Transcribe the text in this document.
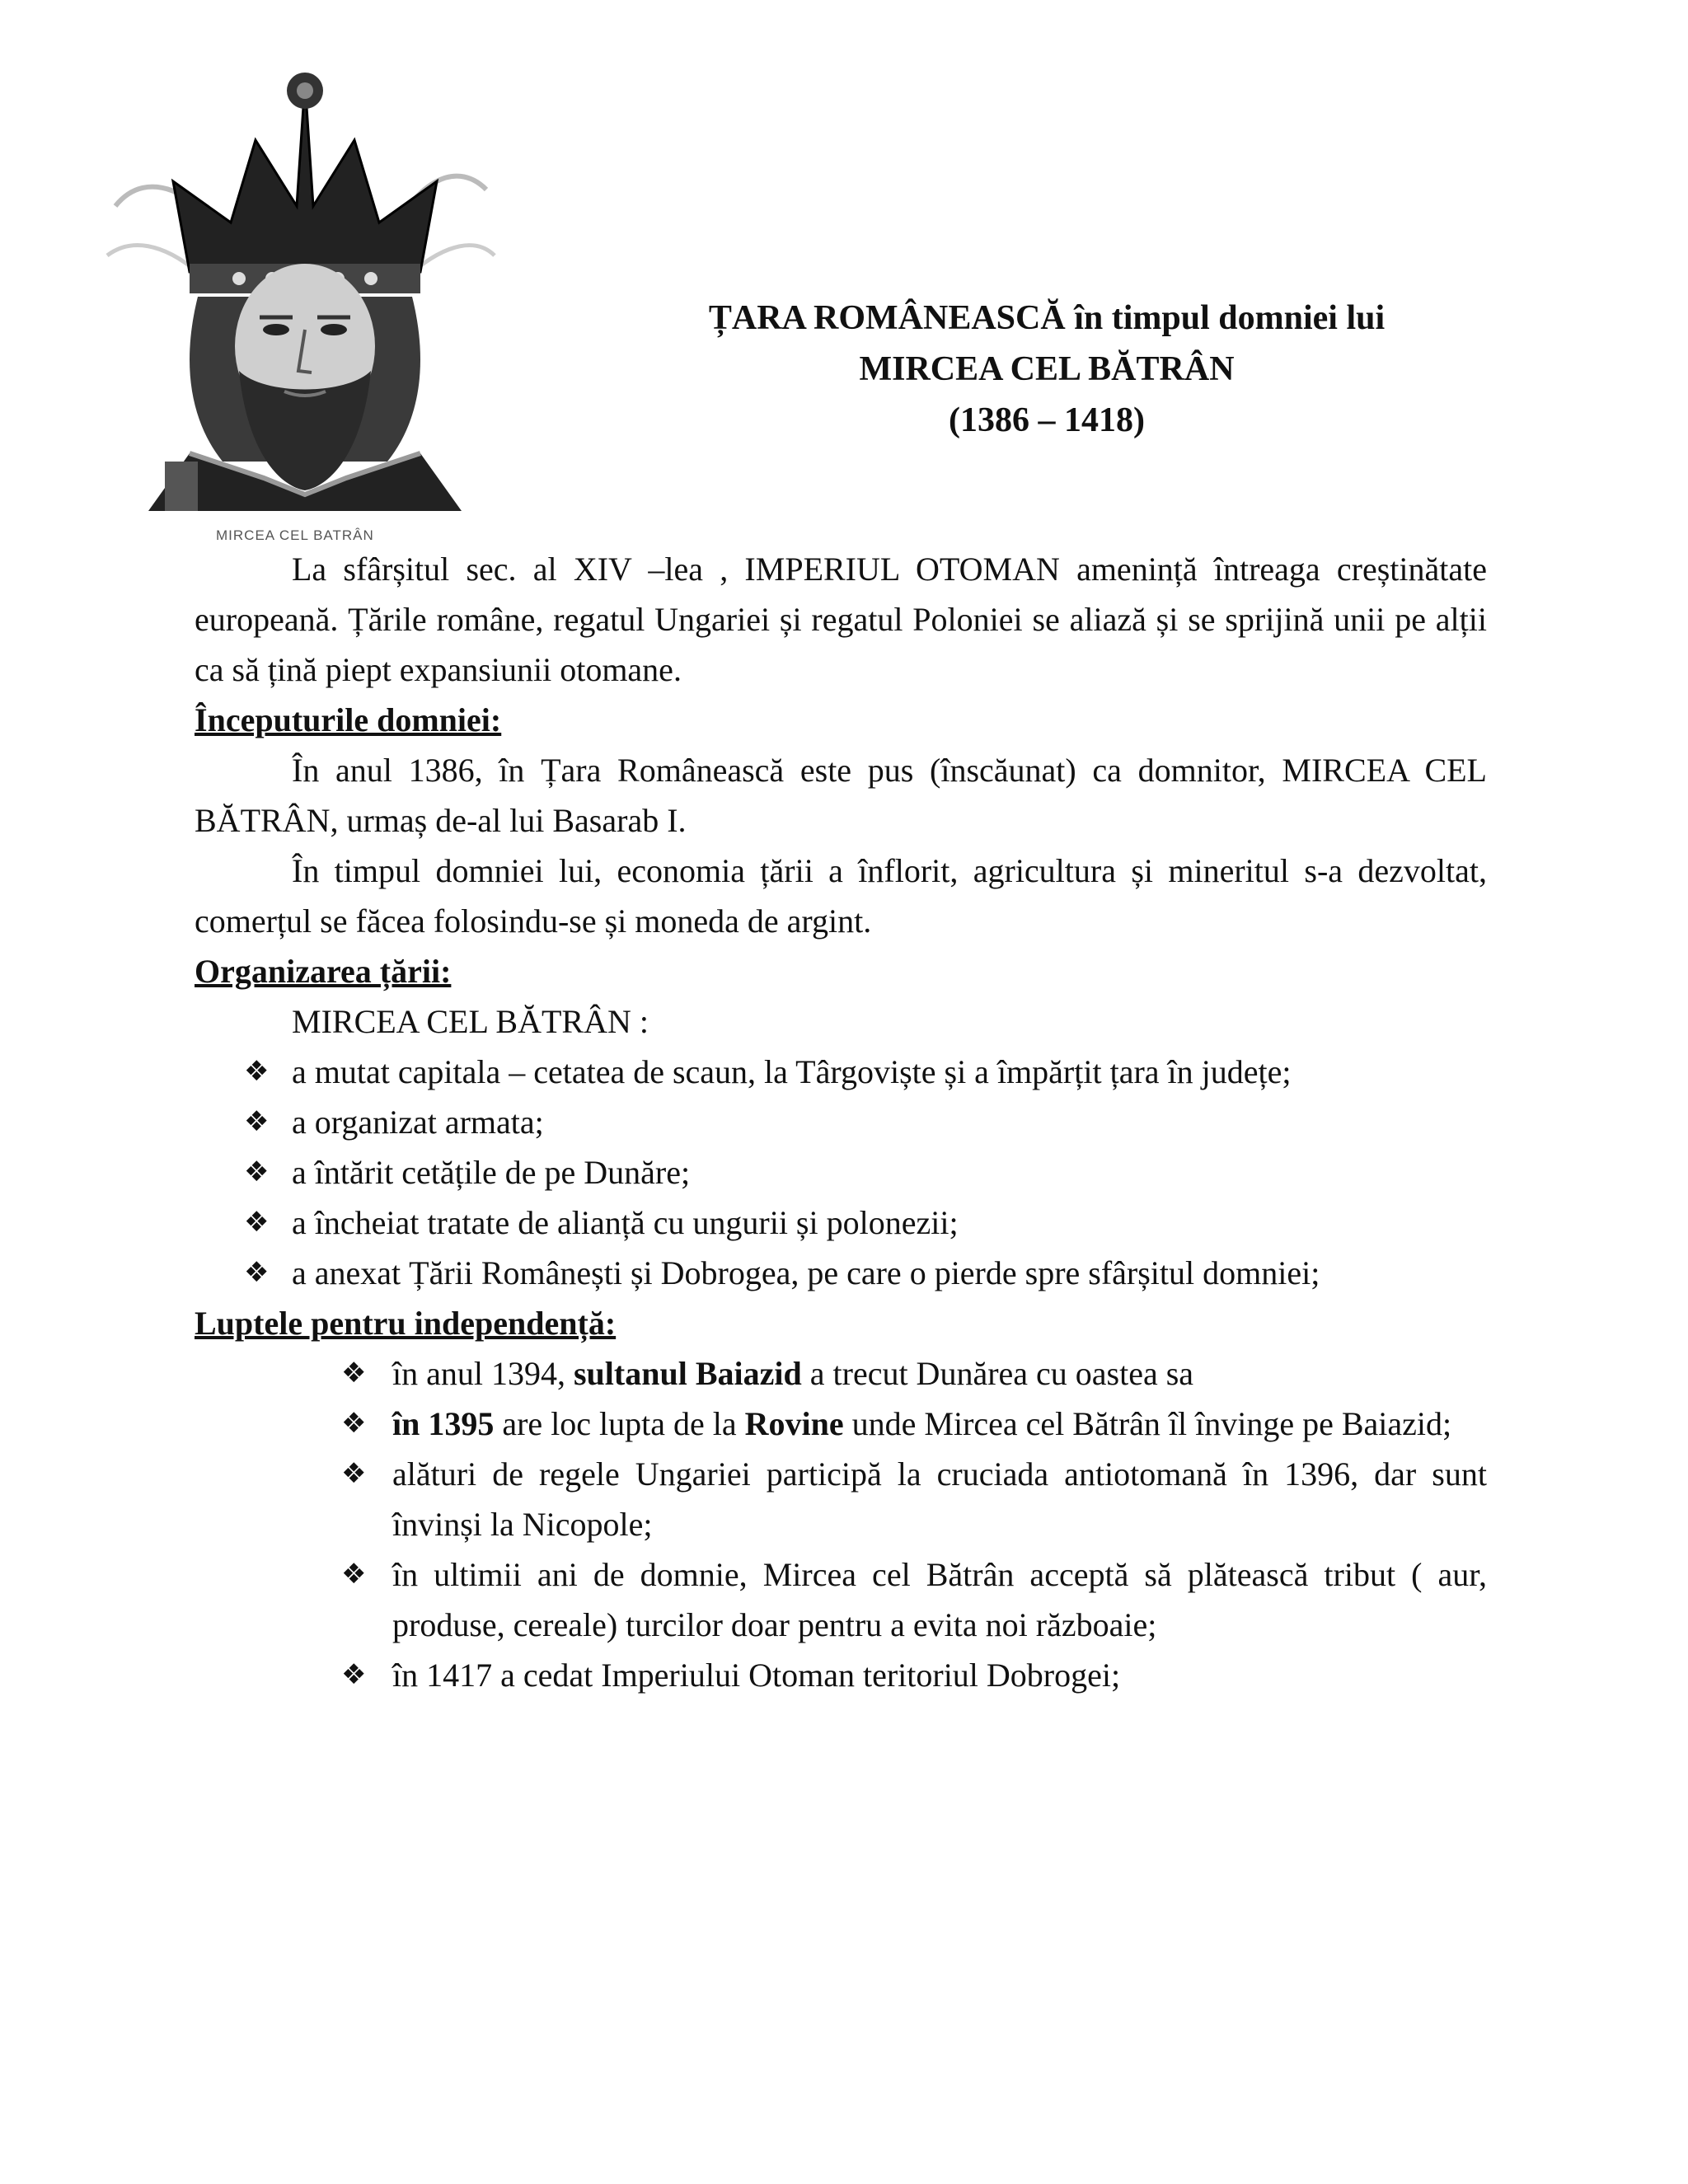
MIRCEA CEL BATRÂN
ȚARA ROMÂNEASCĂ în timpul domniei lui
MIRCEA CEL BĂTRÂN
(1386 – 1418)

La sfârșitul sec. al XIV –lea , IMPERIUL OTOMAN amenință întreaga creștinătate europeană. Țările române, regatul Ungariei și regatul Poloniei se aliază și se sprijină unii pe alții ca să țină piept expansiunii otomane.

Începuturile domniei:

În anul 1386, în Țara Românească este pus (înscăunat) ca domnitor, MIRCEA CEL BĂTRÂN, urmaș de-al lui Basarab I.

În timpul domniei lui, economia țării a înflorit, agricultura și mineritul s-a dezvoltat, comerțul se făcea folosindu-se și moneda de argint.

Organizarea țării:

MIRCEA CEL BĂTRÂN :

❖ a mutat capitala – cetatea de scaun, la Târgoviște și a împărțit țara în județe;
❖ a organizat armata;
❖ a întărit cetățile de pe Dunăre;
❖ a încheiat tratate de alianță cu ungurii și polonezii;
❖ a anexat Țării Românești și Dobrogea, pe care o pierde spre sfârșitul domniei;

Luptele pentru independență:

❖ în anul 1394, sultanul Baiazid a trecut Dunărea cu oastea sa
❖ în 1395 are loc lupta de la Rovine unde Mircea cel Bătrân îl învinge pe Baiazid;
❖ alături de regele Ungariei participă la cruciada antiotomană în 1396, dar sunt învinși la Nicopole;
❖ în ultimii ani de domnie, Mircea cel Bătrân acceptă să plătească tribut ( aur, produse, cereale) turcilor doar pentru a evita noi războaie;
❖ în 1417 a cedat Imperiului Otoman teritoriul Dobrogei;
